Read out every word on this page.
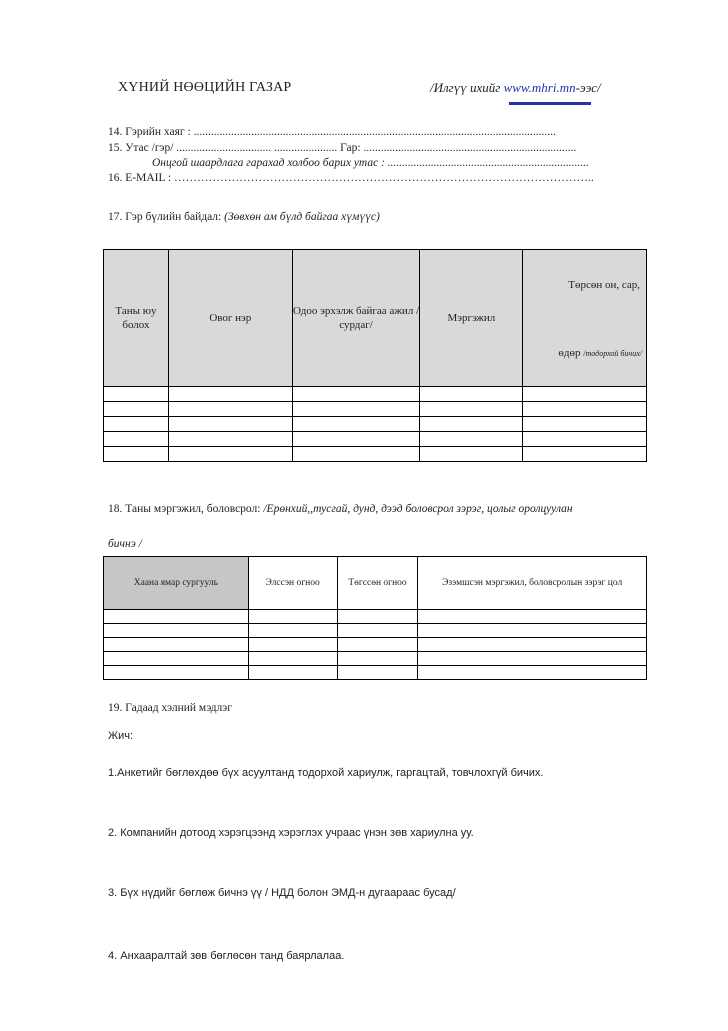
ХҮНИЙ НӨӨЦИЙН ГАЗАР	/Илгүү ихийг www.mhri.mn-ээс/
14. Гэрийн хаяг : ..............................................................................................................................
15. Утас /гэр/ ................................. ...................... Гар: ..........................................................................
Онцгой шаардлага гарахад холбоо барих утас : ......................................................................
16. E-MAIL : ………………………………………………………………………………………………..
17. Гэр бүлийн байдал: (Зөвхөн ам бүлд байгаа хүмүүс)
Таны юу болох	Овог нэр	Одоо эрхэлж байгаа ажил /сурдаг/	Мэргэжил	Төрсөн он, сар,
өдөр /тодорхой бичих/

18. Таны мэргэжил, боловсрол: /Ерөнхий,,тусгай, дунд, дээд боловсрол зэрэг, цолыг оролцуулан
бичнэ /
Хаана ямар сургууль	Элссэн огноо	Төгссөн огноо	Эзэмшсэн мэргэжил, боловсролын зэрэг цол

19. Гадаад хэлний мэдлэг
Жич:
1.Анкетийг бөглөхдөө бүх асуултанд тодорхой хариулж, гаргацтай, товчлохгүй бичих.
2. Компанийн дотоод хэрэгцээнд хэрэглэх учраас үнэн зөв хариулна уу.
3. Бүх нүдийг бөглөж бичнэ үү / НДД болон ЭМД-н дугаараас бусад/
4. Анхааралтай зөв бөглөсөн танд баярлалаа.
